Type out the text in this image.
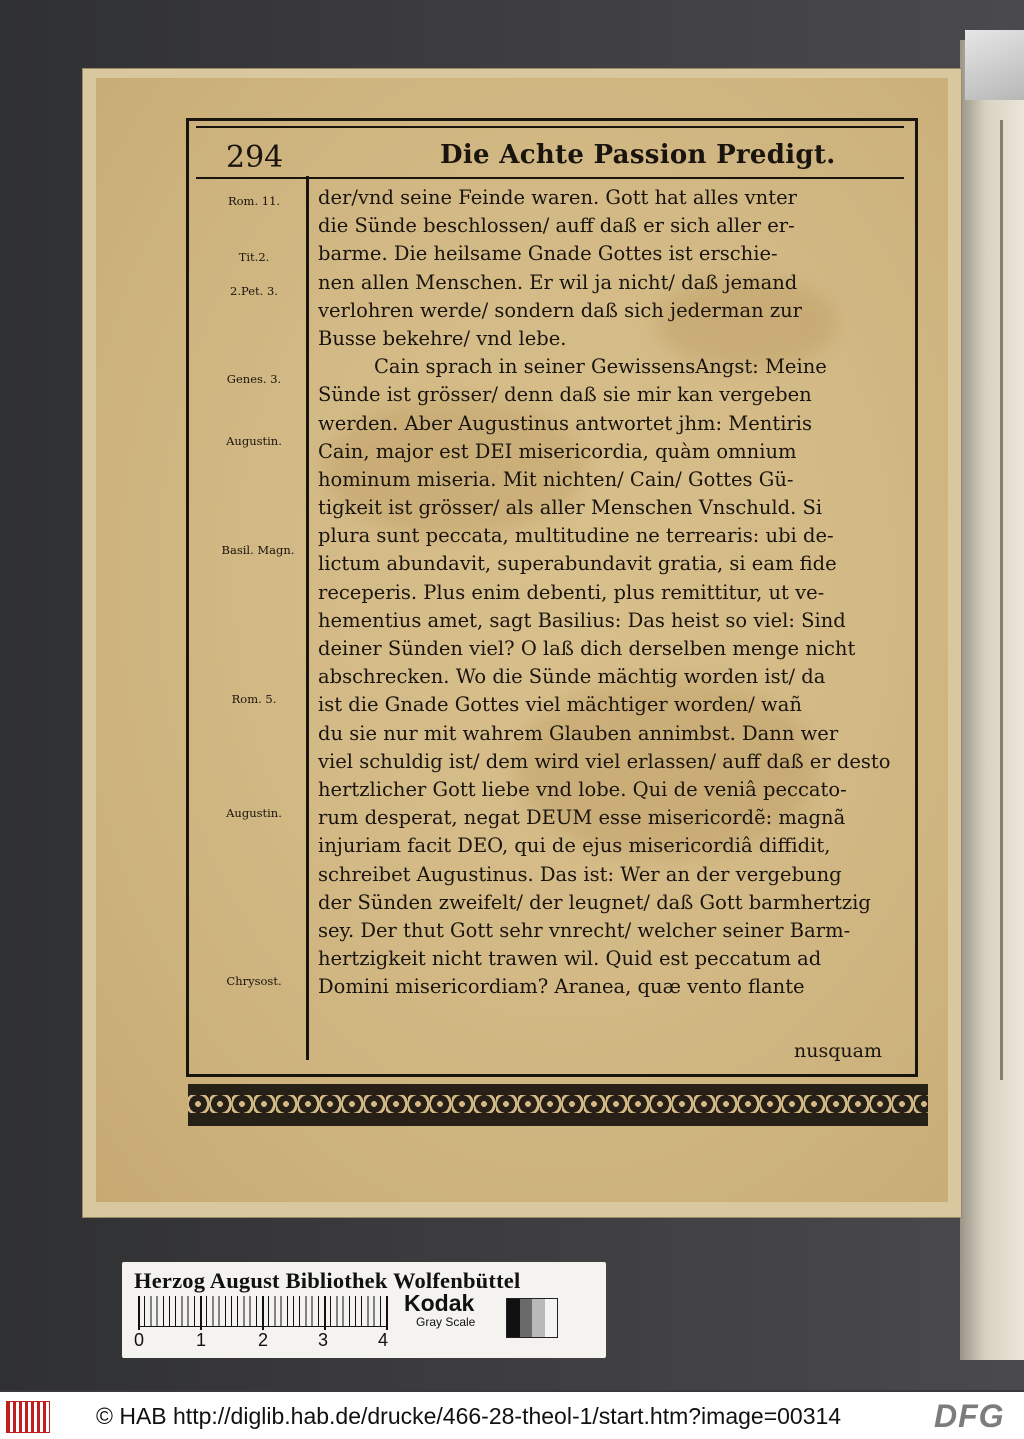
294	Die Achte Passion Predigt.
Rom. 11.
Tit.2.
2.Pet. 3.
Genes. 3.
Augustin.
Basil. Magn.
Rom. 5.
Augustin.
Chrysost.
der/vnd seine Feinde waren. Gott hat alles vnter
die Sünde beschlossen/ auff daß er sich aller er-
barme. Die heilsame Gnade Gottes ist erschie-
nen allen Menschen. Er wil ja nicht/ daß jemand
verlohren werde/ sondern daß sich jederman zur
Busse bekehre/ vnd lebe.
Cain sprach in seiner GewissensAngst: Meine
Sünde ist grösser/ denn daß sie mir kan vergeben
werden. Aber Augustinus antwortet jhm: Mentiris
Cain, major est DEI misericordia, quàm omnium
hominum miseria. Mit nichten/ Cain/ Gottes Gü-
tigkeit ist grösser/ als aller Menschen Vnschuld. Si
plura sunt peccata, multitudine ne terrearis: ubi de-
lictum abundavit, superabundavit gratia, si eam fide
receperis. Plus enim debenti, plus remittitur, ut ve-
hementius amet, sagt Basilius: Das heist so viel: Sind
deiner Sünden viel? O laß dich derselben menge nicht
abschrecken. Wo die Sünde mächtig worden ist/ da
ist die Gnade Gottes viel mächtiger worden/ wañ
du sie nur mit wahrem Glauben annimbst. Dann wer
viel schuldig ist/ dem wird viel erlassen/ auff daß er desto
hertzlicher Gott liebe vnd lobe. Qui de veniâ peccato-
rum desperat, negat DEUM esse misericordẽ: magnã
injuriam facit DEO, qui de ejus misericordiâ diffidit,
schreibet Augustinus. Das ist: Wer an der vergebung
der Sünden zweifelt/ der leugnet/ daß Gott barmhertzig
sey. Der thut Gott sehr vnrecht/ welcher seiner Barm-
hertzigkeit nicht trawen wil. Quid est peccatum ad
Domini misericordiam? Aranea, quæ vento flante
nusquam
Herzog August Bibliothek Wolfenbüttel
0	1	2	3	4
Kodak
Gray Scale
© HAB http://diglib.hab.de/drucke/466-28-theol-1/start.htm?image=00314	DFG
